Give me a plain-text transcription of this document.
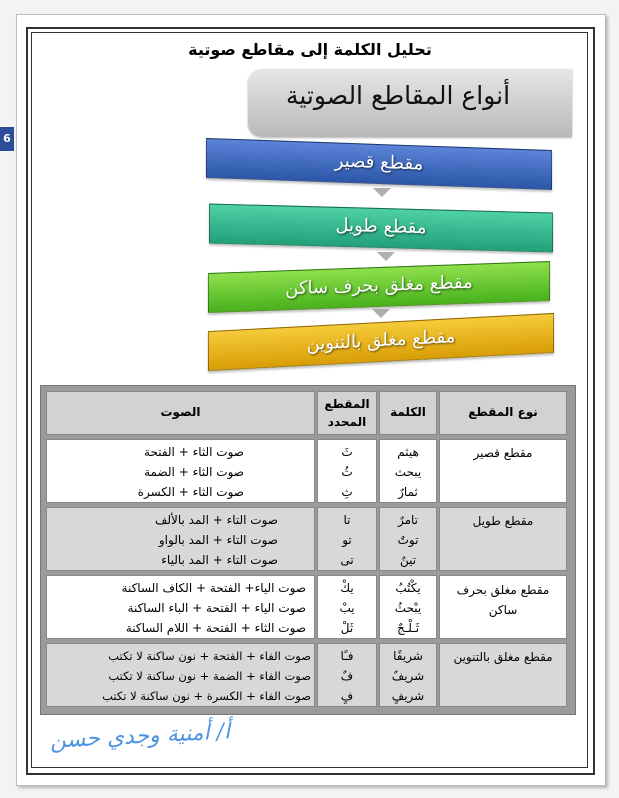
6
تحليل الكلمة إلى مقاطع صوتية
أنواع المقاطع الصوتية
مقطع قصير
مقطع طويل
مقطع مغلق بحرف ساكن
مقطع مغلق بالتنوين
نوع المقطع
الكلمة
المقطع المحدد
الصوت
مقطع قصير
هيثم
يبحث
ثمارٌ
ثَ
ثُ
ثِ
صوت الثاء + الفتحة
صوت الثاء + الضمة
صوت الثاء + الكسرة
مقطع طويل
تامرٌ
توتٌ
تينٌ
تا
تو
تى
صوت التاء + المد بالألف
صوت التاء + المد بالواو
صوت التاء + المد بالياء
مقطع مغلق بحرف ساكن
يكْتُبُ
يبْحثُ
ثَـلْـجٌ
يكْ
يبْ
ثَلْ
صوت الياء+ الفتحة + الكاف الساكنة
صوت الياء + الفتحة + الباء الساكنة
صوت الثاء + الفتحة + اللام الساكنة
مقطع مغلق بالتنوين
شريفًا
شريفٌ
شريفٍ
فـًا
فٌ
فٍ
صوت الفاء + الفتحة + نون ساكنة لا تكتب
صوت الفاء + الضمة + نون ساكنة لا تكتب
صوت الفاء + الكسرة + نون ساكنة لا تكتب
أ/ أمنية وجدي حسن
